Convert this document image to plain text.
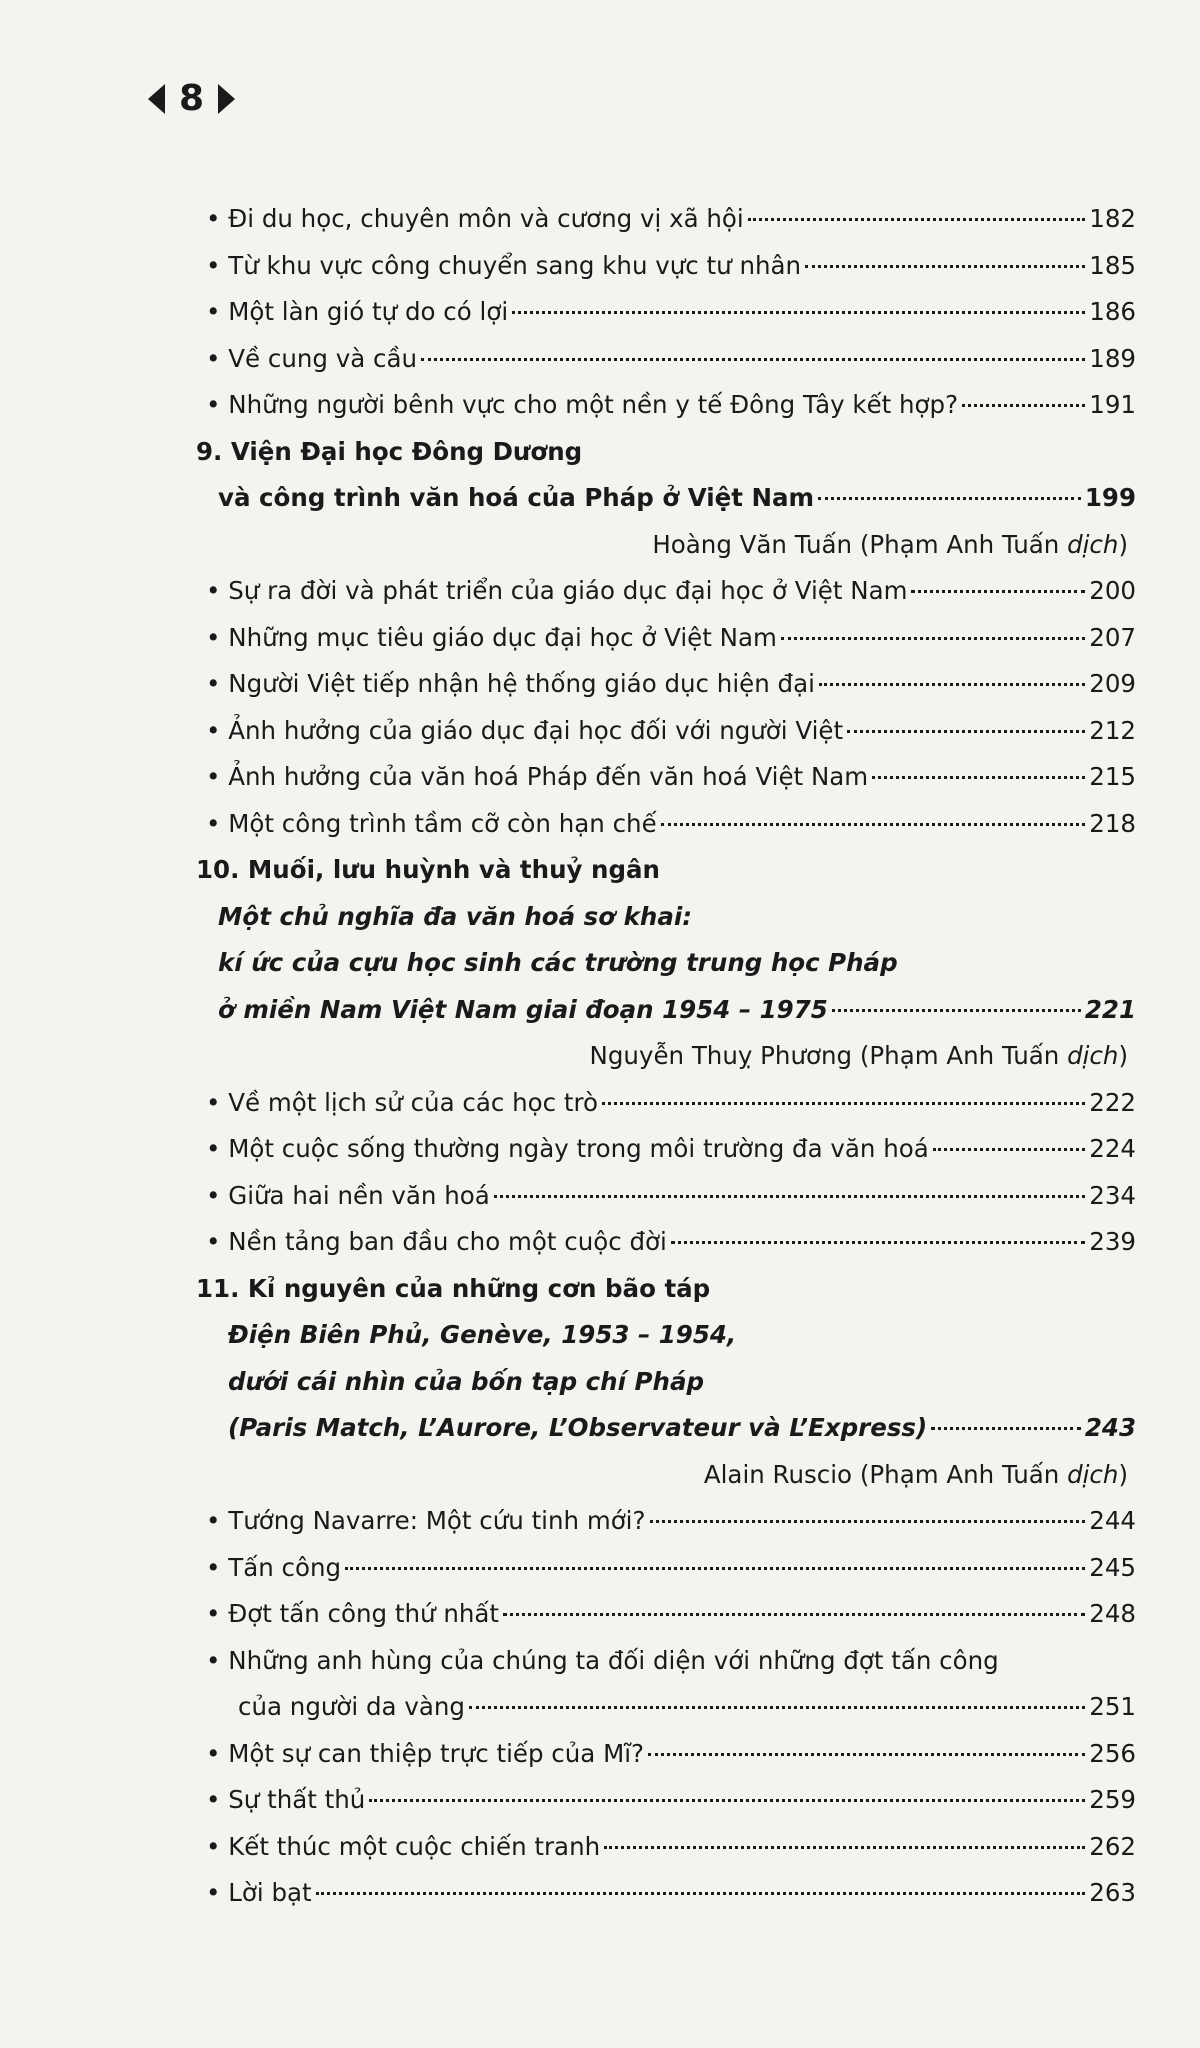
8
• Đi du học, chuyên môn và cương vị xã hội	182
• Từ khu vực công chuyển sang khu vực tư nhân	185
• Một làn gió tự do có lợi	186
• Về cung và cầu	189
• Những người bênh vực cho một nền y tế Đông Tây kết hợp?	191
9. Viện Đại học Đông Dương
và công trình văn hoá của Pháp ở Việt Nam	199
Hoàng Văn Tuấn (Phạm Anh Tuấn dịch)
• Sự ra đời và phát triển của giáo dục đại học ở Việt Nam	200
• Những mục tiêu giáo dục đại học ở Việt Nam	207
• Người Việt tiếp nhận hệ thống giáo dục hiện đại	209
• Ảnh hưởng của giáo dục đại học đối với người Việt	212
• Ảnh hưởng của văn hoá Pháp đến văn hoá Việt Nam	215
• Một công trình tầm cỡ còn hạn chế	218
10. Muối, lưu huỳnh và thuỷ ngân
Một chủ nghĩa đa văn hoá sơ khai:
kí ức của cựu học sinh các trường trung học Pháp
ở miền Nam Việt Nam giai đoạn 1954 – 1975	221
Nguyễn Thuỵ Phương (Phạm Anh Tuấn dịch)
• Về một lịch sử của các học trò	222
• Một cuộc sống thường ngày trong môi trường đa văn hoá	224
• Giữa hai nền văn hoá	234
• Nền tảng ban đầu cho một cuộc đời	239
11. Kỉ nguyên của những cơn bão táp
Điện Biên Phủ, Genève, 1953 – 1954,
dưới cái nhìn của bốn tạp chí Pháp
(Paris Match, L’Aurore, L’Observateur và L’Express)	243
Alain Ruscio (Phạm Anh Tuấn dịch)
• Tướng Navarre: Một cứu tinh mới?	244
• Tấn công	245
• Đợt tấn công thứ nhất	248
• Những anh hùng của chúng ta đối diện với những đợt tấn công
của người da vàng	251
• Một sự can thiệp trực tiếp của Mĩ?	256
• Sự thất thủ	259
• Kết thúc một cuộc chiến tranh	262
• Lời bạt	263
